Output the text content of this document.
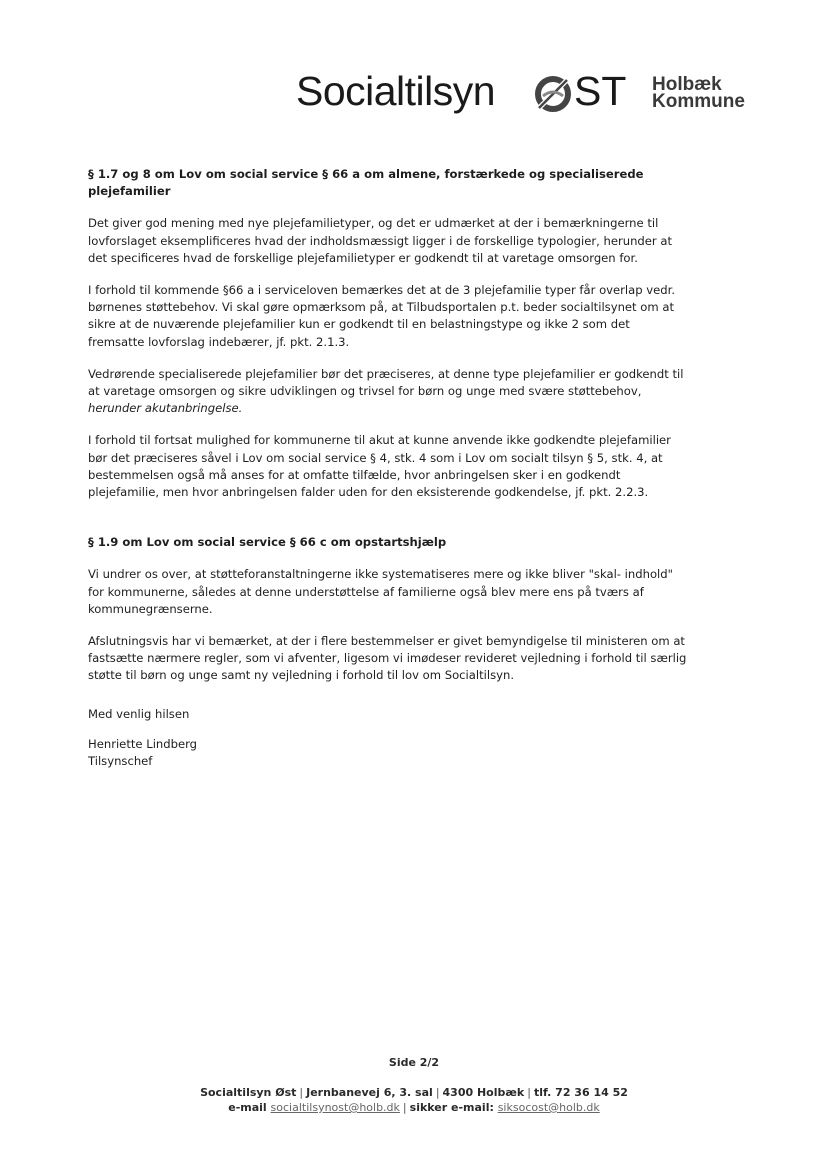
Socialtilsyn ST Holbæk
Kommune
§ 1.7 og 8 om Lov om social service § 66 a om almene, forstærkede og specialiserede plejefamilier

Det giver god mening med nye plejefamilietyper, og det er udmærket at der i bemærkningerne til lovforslaget eksemplificeres hvad der indholdsmæssigt ligger i de forskellige typologier, herunder at det specificeres hvad de forskellige plejefamilietyper er godkendt til at varetage omsorgen for.

I forhold til kommende §66 a i serviceloven bemærkes det at de 3 plejefamilie typer får overlap vedr. børnenes støttebehov. Vi skal gøre opmærksom på, at Tilbudsportalen p.t. beder socialtilsynet om at sikre at de nuværende plejefamilier kun er godkendt til en belastningstype og ikke 2 som det fremsatte lovforslag indebærer, jf. pkt. 2.1.3.

Vedrørende specialiserede plejefamilier bør det præciseres, at denne type plejefamilier er godkendt til at varetage omsorgen og sikre udviklingen og trivsel for børn og unge med svære støttebehov, herunder akutanbringelse.

I forhold til fortsat mulighed for kommunerne til akut at kunne anvende ikke godkendte plejefamilier bør det præciseres såvel i Lov om social service § 4, stk. 4 som i Lov om socialt tilsyn § 5, stk. 4, at bestemmelsen også må anses for at omfatte tilfælde, hvor anbringelsen sker i en godkendt plejefamilie, men hvor anbringelsen falder uden for den eksisterende godkendelse, jf. pkt. 2.2.3.

§ 1.9 om Lov om social service § 66 c om opstartshjælp

Vi undrer os over, at støtteforanstaltningerne ikke systematiseres mere og ikke bliver "skal- indhold" for kommunerne, således at denne understøttelse af familierne også blev mere ens på tværs af kommunegrænserne.

Afslutningsvis har vi bemærket, at der i flere bestemmelser er givet bemyndigelse til ministeren om at fastsætte nærmere regler, som vi afventer, ligesom vi imødeser revideret vejledning i forhold til særlig støtte til børn og unge samt ny vejledning i forhold til lov om Socialtilsyn.

Med venlig hilsen

Henriette Lindberg
Tilsynschef
Side 2/2
Socialtilsyn Øst | Jernbanevej 6, 3. sal | 4300 Holbæk | tlf. 72 36 14 52
e-mail socialtilsynost@holb.dk | sikker e-mail: siksocost@holb.dk
